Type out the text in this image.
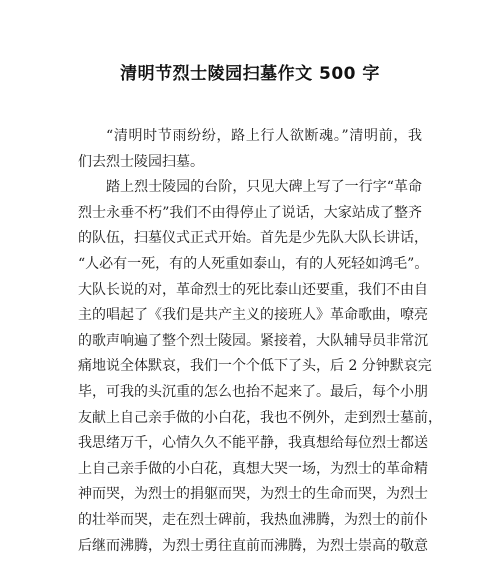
清明节烈士陵园扫墓作文 500 字
“清明时节雨纷纷，路上行人欲断魂。”清明前，我
们去烈士陵园扫墓。
踏上烈士陵园的台阶，只见大碑上写了一行字“革命
烈士永垂不朽”我们不由得停止了说话，大家站成了整齐
的队伍，扫墓仪式正式开始。首先是少先队大队长讲话，
“人必有一死，有的人死重如泰山，有的人死轻如鸿毛”。
大队长说的对，革命烈士的死比泰山还要重，我们不由自
主的唱起了《我们是共产主义的接班人》革命歌曲，嘹亮
的歌声响遍了整个烈士陵园。紧接着，大队辅导员非常沉
痛地说全体默哀，我们一个个低下了头，后 2 分钟默哀完
毕，可我的头沉重的怎么也抬不起来了。最后，每个小朋
友献上自己亲手做的小白花，我也不例外，走到烈士墓前，
我思绪万千，心情久久不能平静，我真想给每位烈士都送
上自己亲手做的小白花，真想大哭一场，为烈士的革命精
神而哭，为烈士的捐躯而哭，为烈士的生命而哭，为烈士
的壮举而哭，走在烈士碑前，我热血沸腾，为烈士的前仆
后继而沸腾，为烈士勇往直前而沸腾，为烈士崇高的敬意
